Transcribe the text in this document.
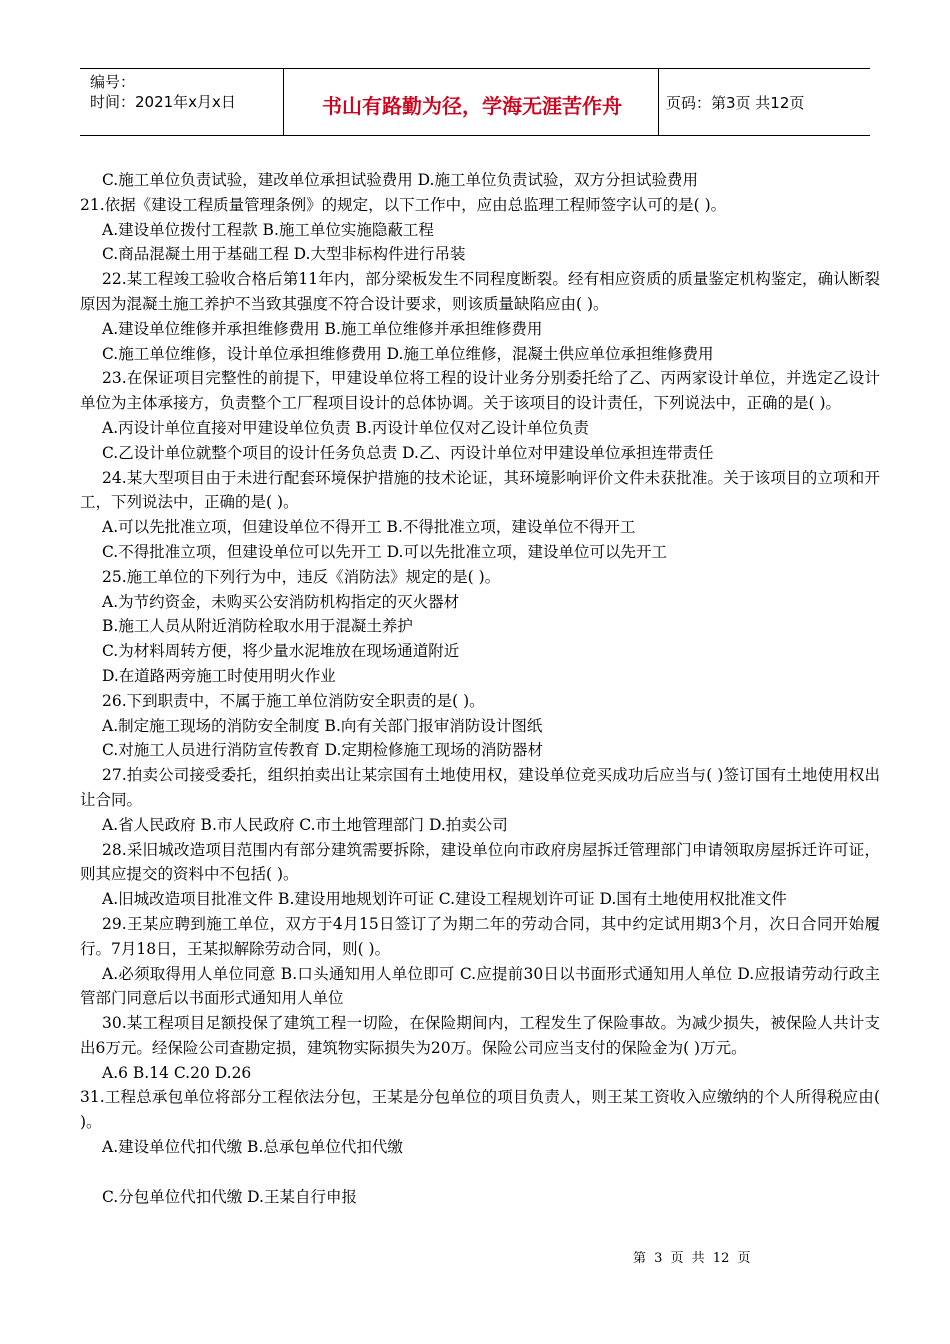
编号：
时间：2021年x月x日	书山有路勤为径，学海无涯苦作舟	页码：第3页 共12页

C.施工单位负责试验，建改单位承担试验费用 D.施工单位负责试验，双方分担试验费用

21.依据《建设工程质量管理条例》的规定，以下工作中，应由总监理工程师签字认可的是( )。

A.建设单位拨付工程款 B.施工单位实施隐蔽工程

C.商品混凝土用于基础工程 D.大型非标构件进行吊装

22.某工程竣工验收合格后第11年内，部分梁板发生不同程度断裂。经有相应资质的质量鉴定机构鉴定，确认断裂原因为混凝土施工养护不当致其强度不符合设计要求，则该质量缺陷应由( )。

A.建设单位维修并承担维修费用 B.施工单位维修并承担维修费用

C.施工单位维修，设计单位承担维修费用 D.施工单位维修，混凝土供应单位承担维修费用

23.在保证项目完整性的前提下，甲建设单位将工程的设计业务分别委托给了乙、丙两家设计单位，并选定乙设计单位为主体承接方，负责整个工厂程项目设计的总体协调。关于该项目的设计责任，下列说法中，正确的是( )。

A.丙设计单位直接对甲建设单位负责 B.丙设计单位仅对乙设计单位负责

C.乙设计单位就整个项目的设计任务负总责 D.乙、丙设计单位对甲建设单位承担连带责任

24.某大型项目由于未进行配套环境保护措施的技术论证，其环境影响评价文件未获批准。关于该项目的立项和开工，下列说法中，正确的是( )。

A.可以先批准立项，但建设单位不得开工 B.不得批准立项，建设单位不得开工

C.不得批准立项，但建设单位可以先开工 D.可以先批准立项，建设单位可以先开工

25.施工单位的下列行为中，违反《消防法》规定的是( )。

A.为节约资金，未购买公安消防机构指定的灭火器材

B.施工人员从附近消防栓取水用于混凝土养护

C.为材料周转方便，将少量水泥堆放在现场通道附近

D.在道路两旁施工时使用明火作业

26.下到职责中，不属于施工单位消防安全职责的是( )。

A.制定施工现场的消防安全制度 B.向有关部门报审消防设计图纸

C.对施工人员进行消防宣传教育 D.定期检修施工现场的消防器材

27.拍卖公司接受委托，组织拍卖出让某宗国有土地使用权，建设单位竞买成功后应当与( )签订国有土地使用权出让合同。

A.省人民政府 B.市人民政府 C.市土地管理部门 D.拍卖公司

28.采旧城改造项目范围内有部分建筑需要拆除，建设单位向市政府房屋拆迁管理部门申请领取房屋拆迁许可证，则其应提交的资料中不包括( )。

A.旧城改造项目批准文件 B.建设用地规划许可证 C.建设工程规划许可证 D.国有土地使用权批准文件

29.王某应聘到施工单位，双方于4月15日签订了为期二年的劳动合同，其中约定试用期3个月，次日合同开始履行。7月18日，王某拟解除劳动合同，则( )。

A.必须取得用人单位同意 B.口头通知用人单位即可 C.应提前30日以书面形式通知用人单位 D.应报请劳动行政主管部门同意后以书面形式通知用人单位

30.某工程项目足额投保了建筑工程一切险，在保险期间内，工程发生了保险事故。为减少损失，被保险人共计支出6万元。经保险公司查勘定损，建筑物实际损失为20万。保险公司应当支付的保险金为( )万元。

A.6 B.14 C.20 D.26

31.工程总承包单位将部分工程依法分包，王某是分包单位的项目负责人，则王某工资收入应缴纳的个人所得税应由( )。

A.建设单位代扣代缴 B.总承包单位代扣代缴

C.分包单位代扣代缴 D.王某自行申报

第 3 页 共 12 页
